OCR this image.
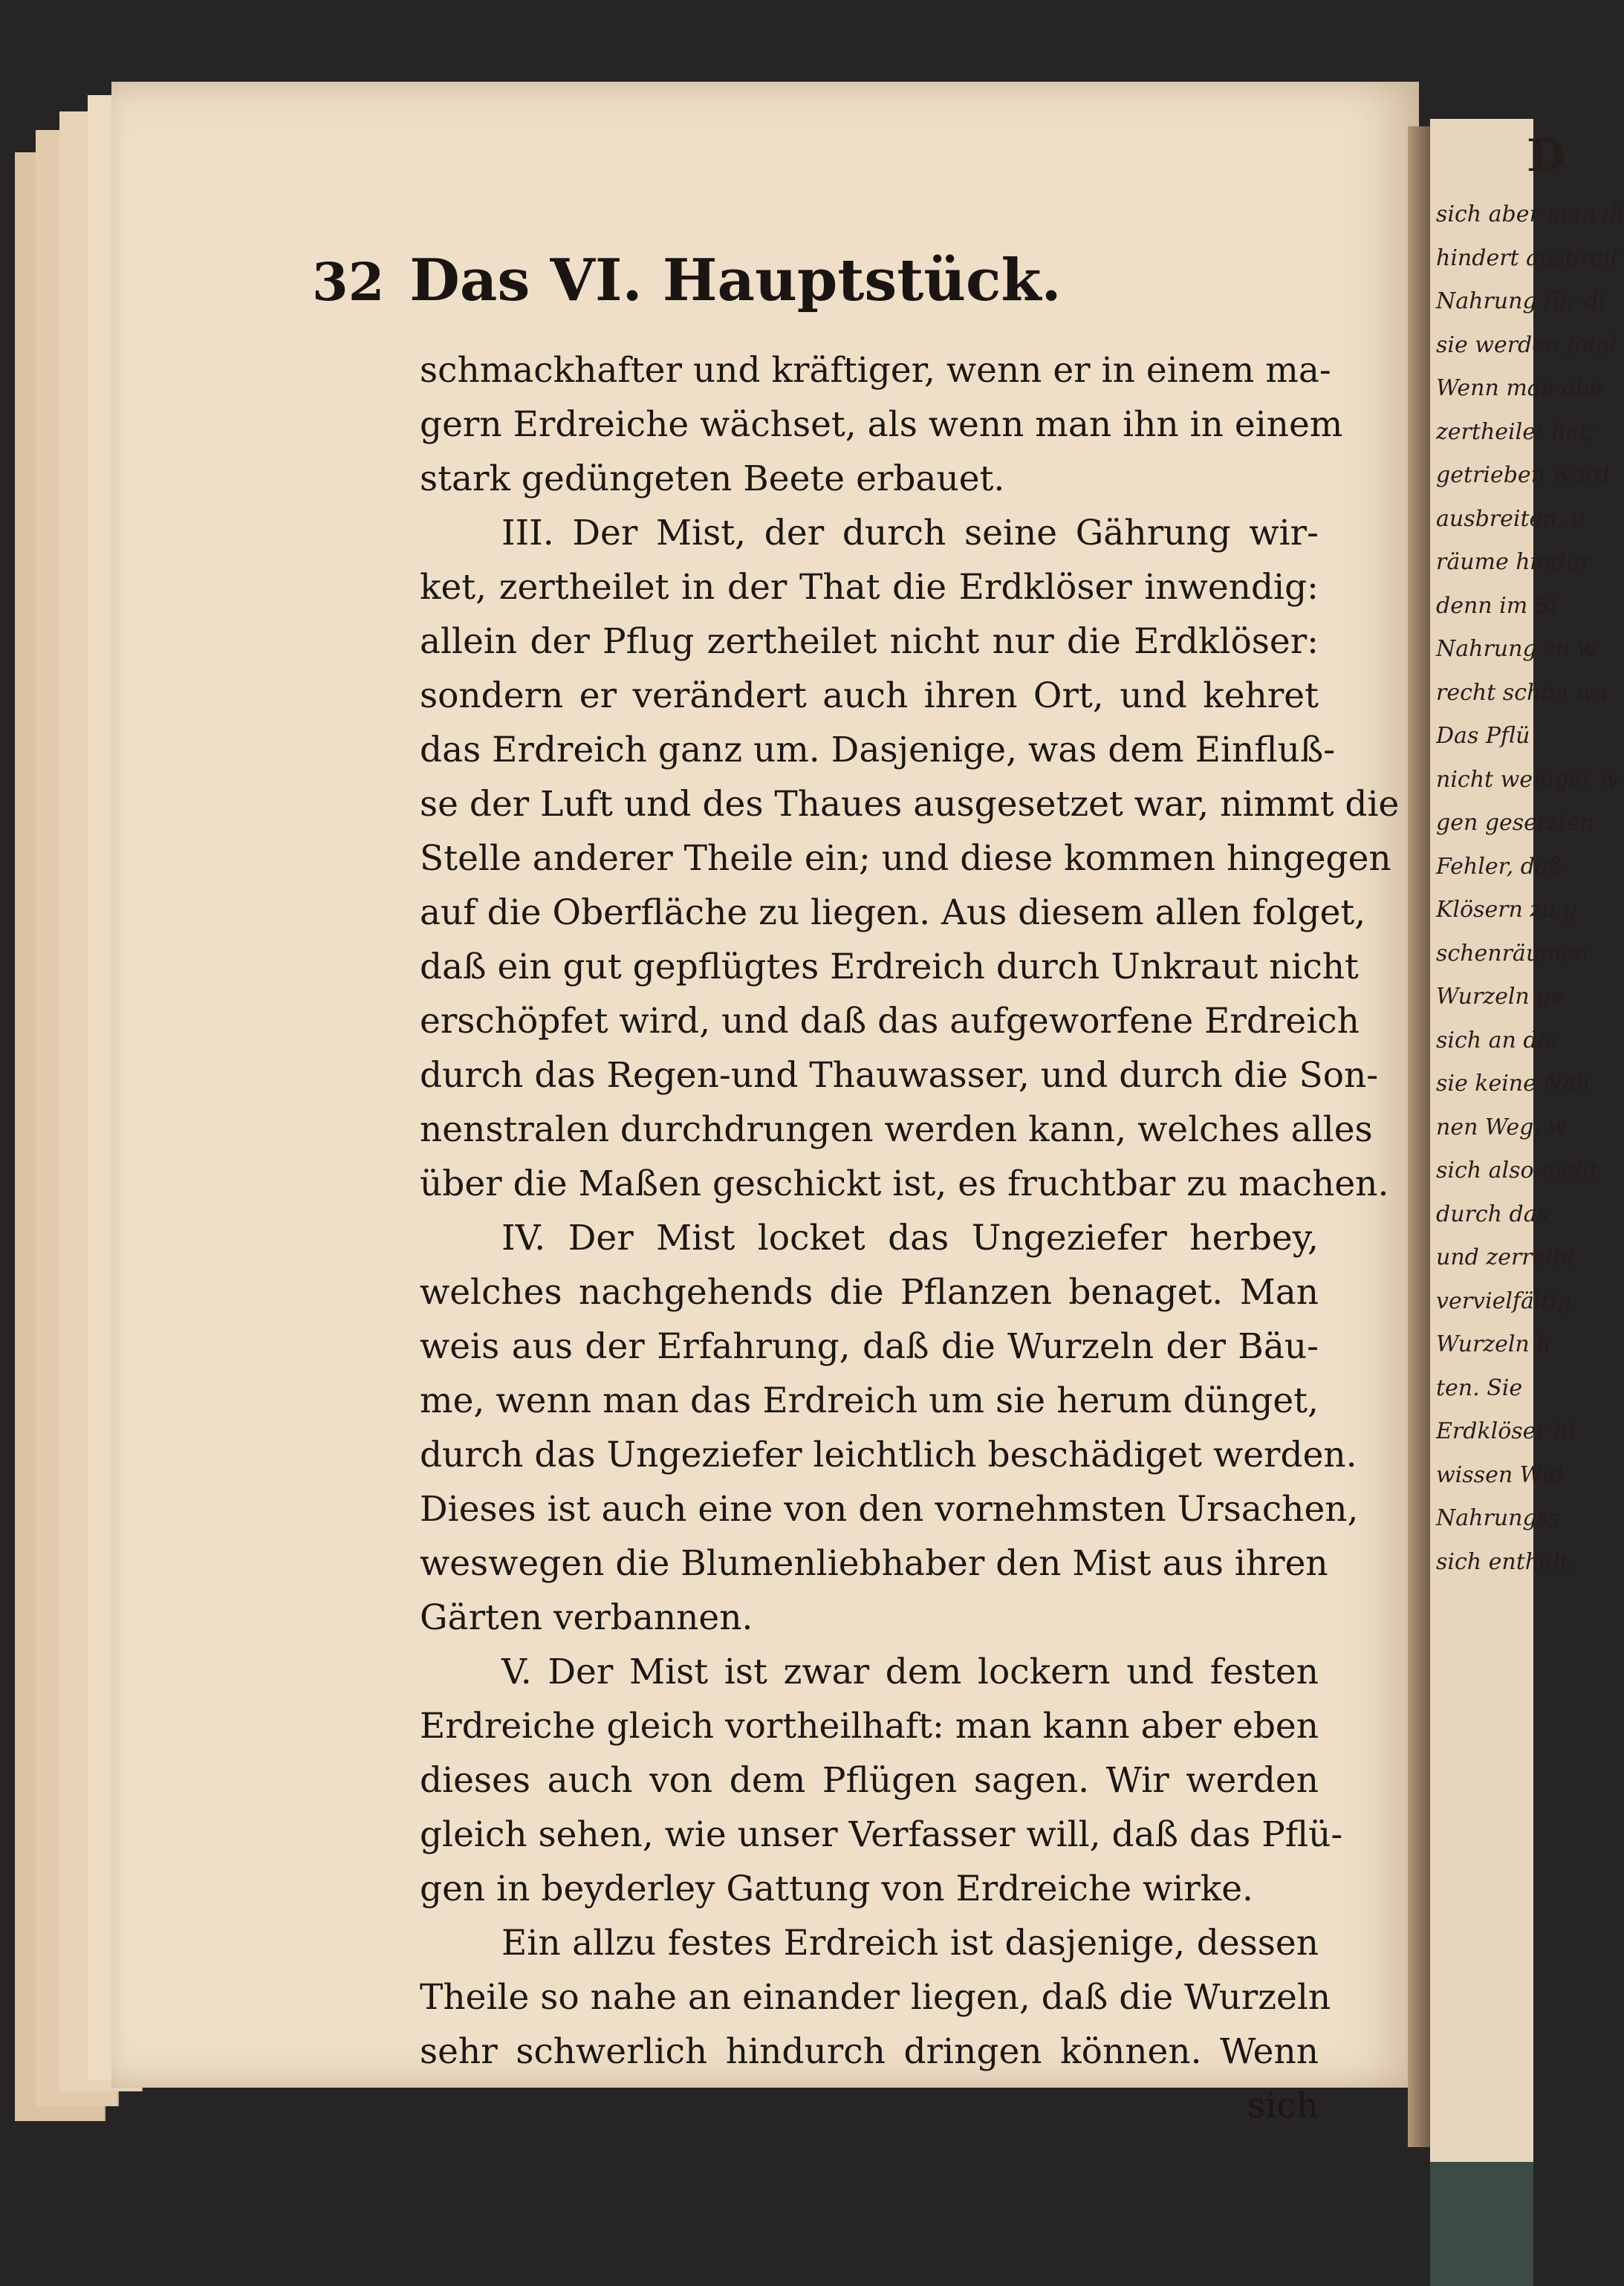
32 Das VI. Hauptstück.
schmackhafter und kräftiger, wenn er in einem ma-
gern Erdreiche wächset, als wenn man ihn in einem
stark gedüngeten Beete erbauet.
III. Der Mist, der durch seine Gährung wir-
ket, zertheilet in der That die Erdklöser inwendig:
allein der Pflug zertheilet nicht nur die Erdklöser:
sondern er verändert auch ihren Ort, und kehret
das Erdreich ganz um. Dasjenige, was dem Einfluß-
se der Luft und des Thaues ausgesetzet war, nimmt die
Stelle anderer Theile ein; und diese kommen hingegen
auf die Oberfläche zu liegen. Aus diesem allen folget,
daß ein gut gepflügtes Erdreich durch Unkraut nicht
erschöpfet wird, und daß das aufgeworfene Erdreich
durch das Regen-und Thauwasser, und durch die Son-
nenstralen durchdrungen werden kann, welches alles
über die Maßen geschickt ist, es fruchtbar zu machen.
IV. Der Mist locket das Ungeziefer herbey,
welches nachgehends die Pflanzen benaget. Man
weis aus der Erfahrung, daß die Wurzeln der Bäu-
me, wenn man das Erdreich um sie herum dünget,
durch das Ungeziefer leichtlich beschädiget werden.
Dieses ist auch eine von den vornehmsten Ursachen,
weswegen die Blumenliebhaber den Mist aus ihren
Gärten verbannen.
V. Der Mist ist zwar dem lockern und festen
Erdreiche gleich vortheilhaft: man kann aber eben
dieses auch von dem Pflügen sagen. Wir werden
gleich sehen, wie unser Verfasser will, daß das Pflü-
gen in beyderley Gattung von Erdreiche wirke.
Ein allzu festes Erdreich ist dasjenige, dessen
Theile so nahe an einander liegen, daß die Wurzeln
sehr schwerlich hindurch dringen können. Wenn
sich
D
sich aber man di
hindert ausbreit
Nahrung für di
sie werden folgl
Wenn man abe
zertheilet hat;
getrieben word
ausbreiten, u
räume hindur
denn im St
Nahrung zu w
recht schön wa
Das Pflü
nicht weniger w
gen gesetzten
Fehler, daß
Klösern zu g
schenräumen
Wurzeln ge
sich an die
sie keine Nah
nen Weg, w
sich also nicht
durch das
und zerreibt
vervielfältig
Wurzeln h
ten. Sie
Erdklöser hi
wissen Wid
Nahrungss
sich enthält.
